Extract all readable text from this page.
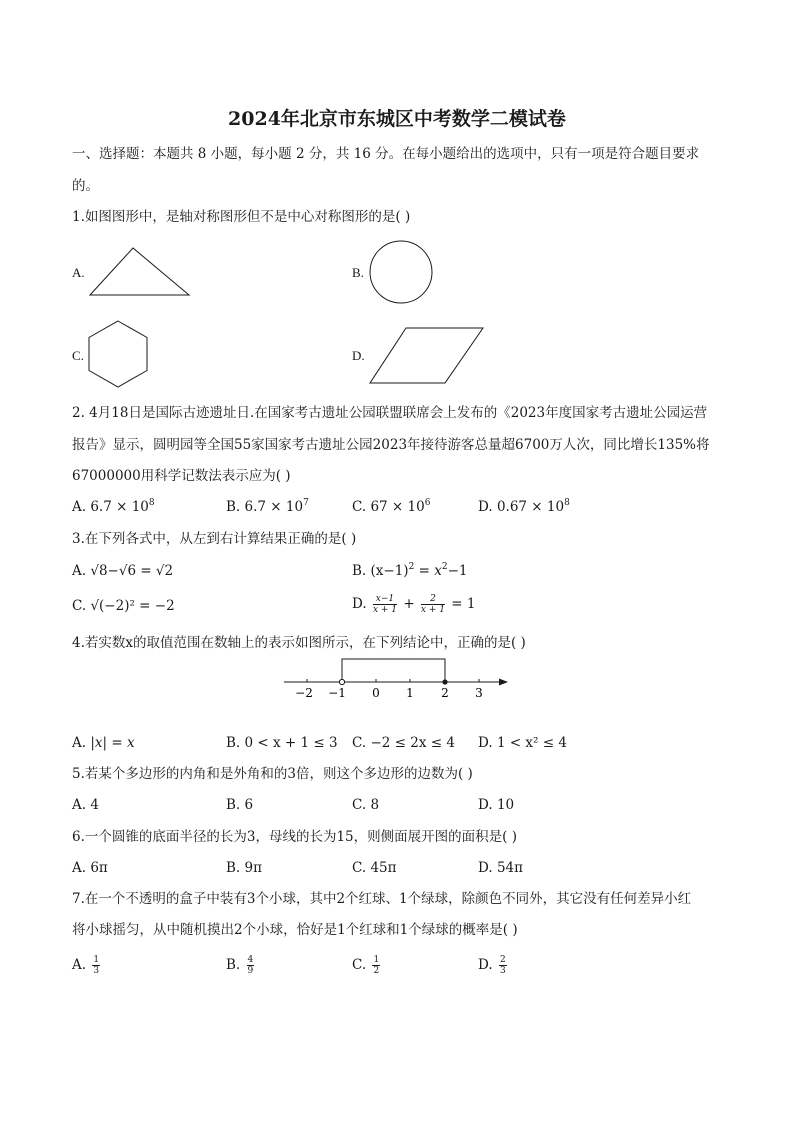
2024年北京市东城区中考数学二模试卷
一、选择题：本题共 8 小题，每小题 2 分，共 16 分。在每小题给出的选项中，只有一项是符合题目要求
的。
1.如图图形中，是轴对称图形但不是中心对称图形的是( )
A.	B.
C.	D.
2. 4月18日是国际古迹遗址日.在国家考古遗址公园联盟联席会上发布的《2023年度国家考古遗址公园运营
报告》显示，圆明园等全国55家国家考古遗址公园2023年接待游客总量超6700万人次，同比增长135%将
67000000用科学记数法表示应为( )
A. $6.7 \times 10^8$	B. $6.7 \times 10^7$	C. $67 \times 10^6$	D. $0.67 \times 10^8$
3.在下列各式中，从左到右计算结果正确的是( )
A. √8−√6 = √2	B. $(x-1)^2 = x^2-1$
C. √(−2)² = −2	D. $\frac{x-1}{x + 1} + \frac{2}{x + 1} = 1$
4.若实数x的取值范围在数轴上的表示如图所示，在下列结论中，正确的是( )
−2 −1 0 1 2 3
A. |x| = x	B. 0 < x + 1 ≤ 3 C. −2 ≤ 2x ≤ 4 D. 1 < x² ≤ 4
5.若某个多边形的内角和是外角和的3倍，则这个多边形的边数为( )
A. 4	B. 6	C. 8	D. 10
6.一个圆锥的底面半径的长为3，母线的长为15，则侧面展开图的面积是( )
A. 6π	B. 9π	C. 45π	D. 54π
7.在一个不透明的盒子中装有3个小球，其中2个红球、1个绿球，除颜色不同外，其它没有任何差异小红
将小球摇匀，从中随机摸出2个小球，恰好是1个红球和1个绿球的概率是( )
A. $\frac{1}{3}$	B. $\frac{4}{9}$	C. $\frac{1}{2}$	D. $\frac{2}{3}$
